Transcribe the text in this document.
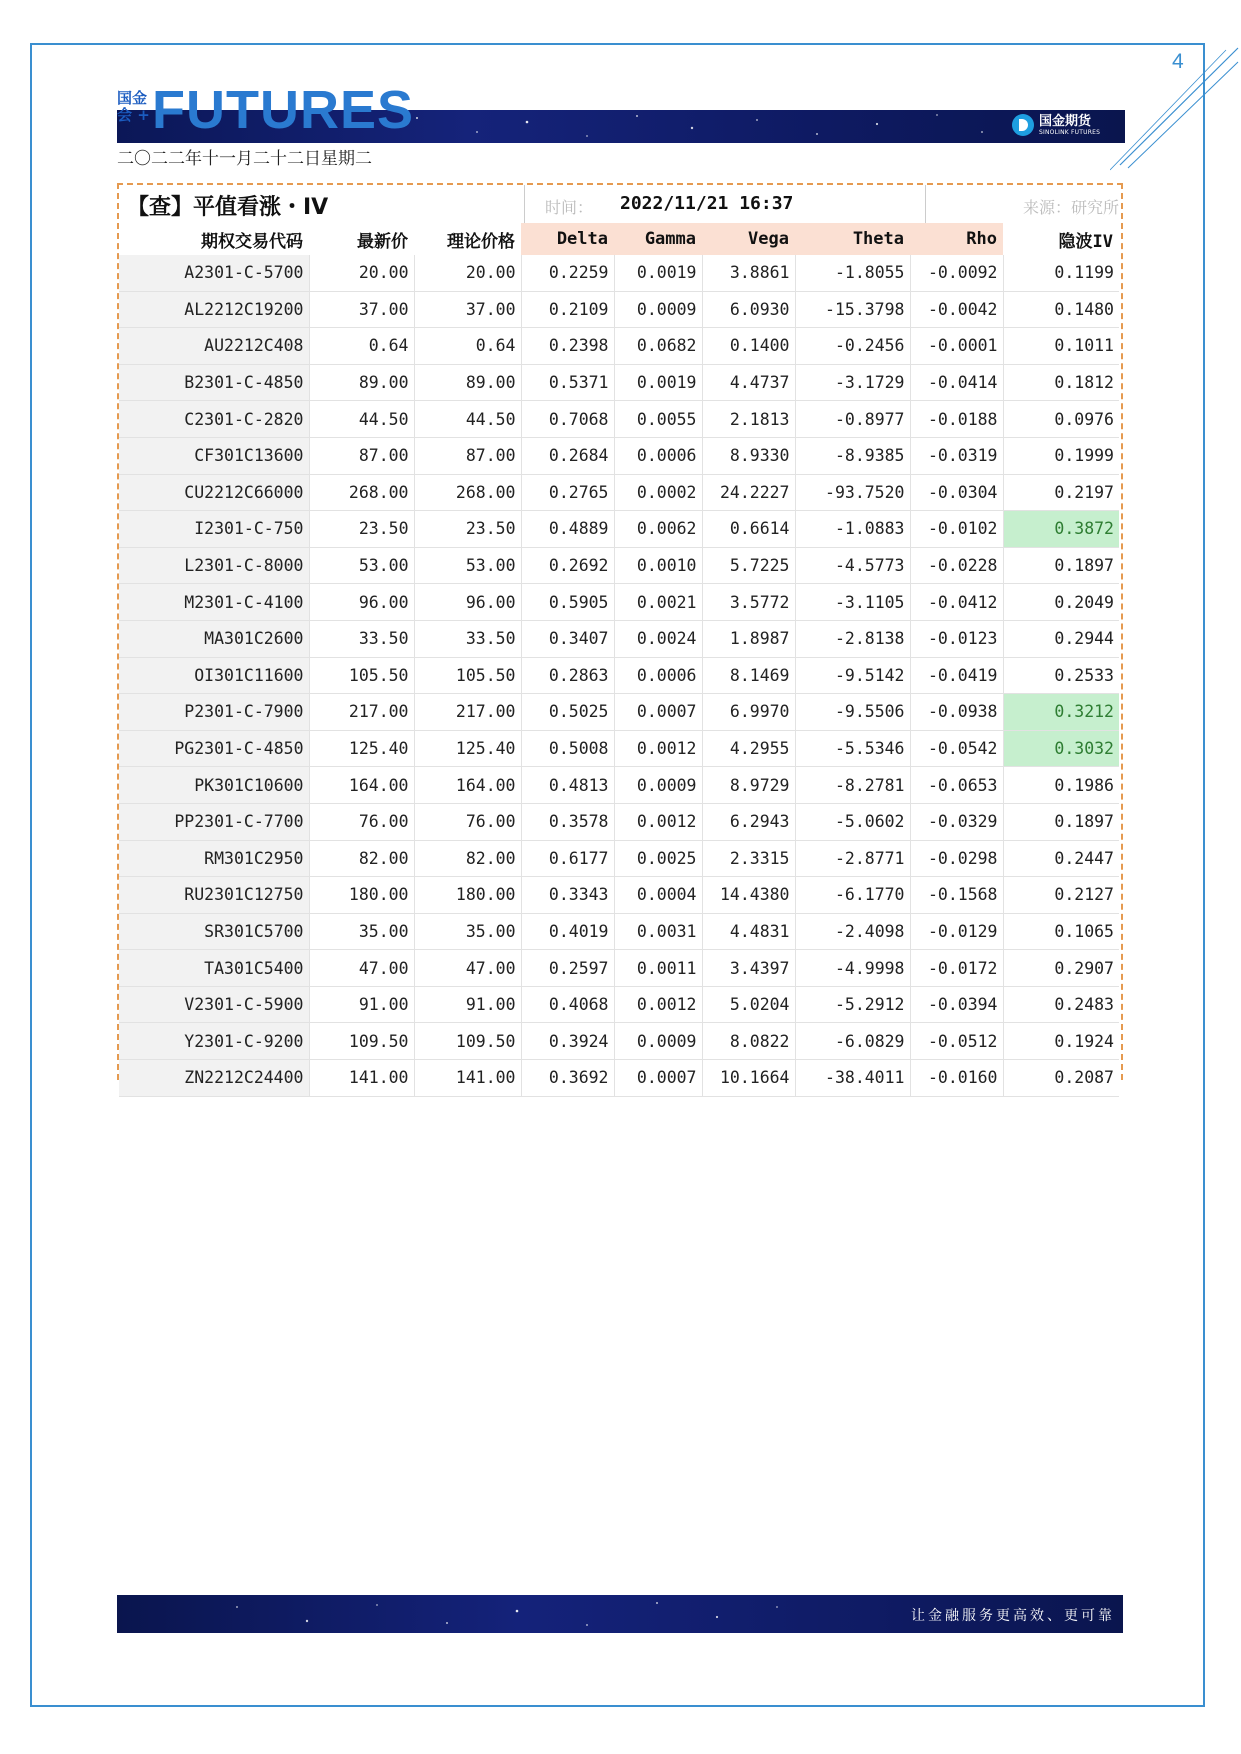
4
国金
会 + FUTURES	国金期货
SINOLINK FUTURES
二〇二二年十一月二十二日星期二
【查】平值看涨・IV	时间： 2022/11/21 16:37	来源：研究所
期权交易代码	最新价	理论价格	Delta	Gamma	Vega	Theta	Rho	隐波IV
A2301-C-5700	20.00	20.00	0.2259	0.0019	3.8861	-1.8055	-0.0092	0.1199
AL2212C19200	37.00	37.00	0.2109	0.0009	6.0930	-15.3798	-0.0042	0.1480
AU2212C408	0.64	0.64	0.2398	0.0682	0.1400	-0.2456	-0.0001	0.1011
B2301-C-4850	89.00	89.00	0.5371	0.0019	4.4737	-3.1729	-0.0414	0.1812
C2301-C-2820	44.50	44.50	0.7068	0.0055	2.1813	-0.8977	-0.0188	0.0976
CF301C13600	87.00	87.00	0.2684	0.0006	8.9330	-8.9385	-0.0319	0.1999
CU2212C66000	268.00	268.00	0.2765	0.0002	24.2227	-93.7520	-0.0304	0.2197
I2301-C-750	23.50	23.50	0.4889	0.0062	0.6614	-1.0883	-0.0102	0.3872
L2301-C-8000	53.00	53.00	0.2692	0.0010	5.7225	-4.5773	-0.0228	0.1897
M2301-C-4100	96.00	96.00	0.5905	0.0021	3.5772	-3.1105	-0.0412	0.2049
MA301C2600	33.50	33.50	0.3407	0.0024	1.8987	-2.8138	-0.0123	0.2944
OI301C11600	105.50	105.50	0.2863	0.0006	8.1469	-9.5142	-0.0419	0.2533
P2301-C-7900	217.00	217.00	0.5025	0.0007	6.9970	-9.5506	-0.0938	0.3212
PG2301-C-4850	125.40	125.40	0.5008	0.0012	4.2955	-5.5346	-0.0542	0.3032
PK301C10600	164.00	164.00	0.4813	0.0009	8.9729	-8.2781	-0.0653	0.1986
PP2301-C-7700	76.00	76.00	0.3578	0.0012	6.2943	-5.0602	-0.0329	0.1897
RM301C2950	82.00	82.00	0.6177	0.0025	2.3315	-2.8771	-0.0298	0.2447
RU2301C12750	180.00	180.00	0.3343	0.0004	14.4380	-6.1770	-0.1568	0.2127
SR301C5700	35.00	35.00	0.4019	0.0031	4.4831	-2.4098	-0.0129	0.1065
TA301C5400	47.00	47.00	0.2597	0.0011	3.4397	-4.9998	-0.0172	0.2907
V2301-C-5900	91.00	91.00	0.4068	0.0012	5.0204	-5.2912	-0.0394	0.2483
Y2301-C-9200	109.50	109.50	0.3924	0.0009	8.0822	-6.0829	-0.0512	0.1924
ZN2212C24400	141.00	141.00	0.3692	0.0007	10.1664	-38.4011	-0.0160	0.2087
让金融服务更高效、更可靠
